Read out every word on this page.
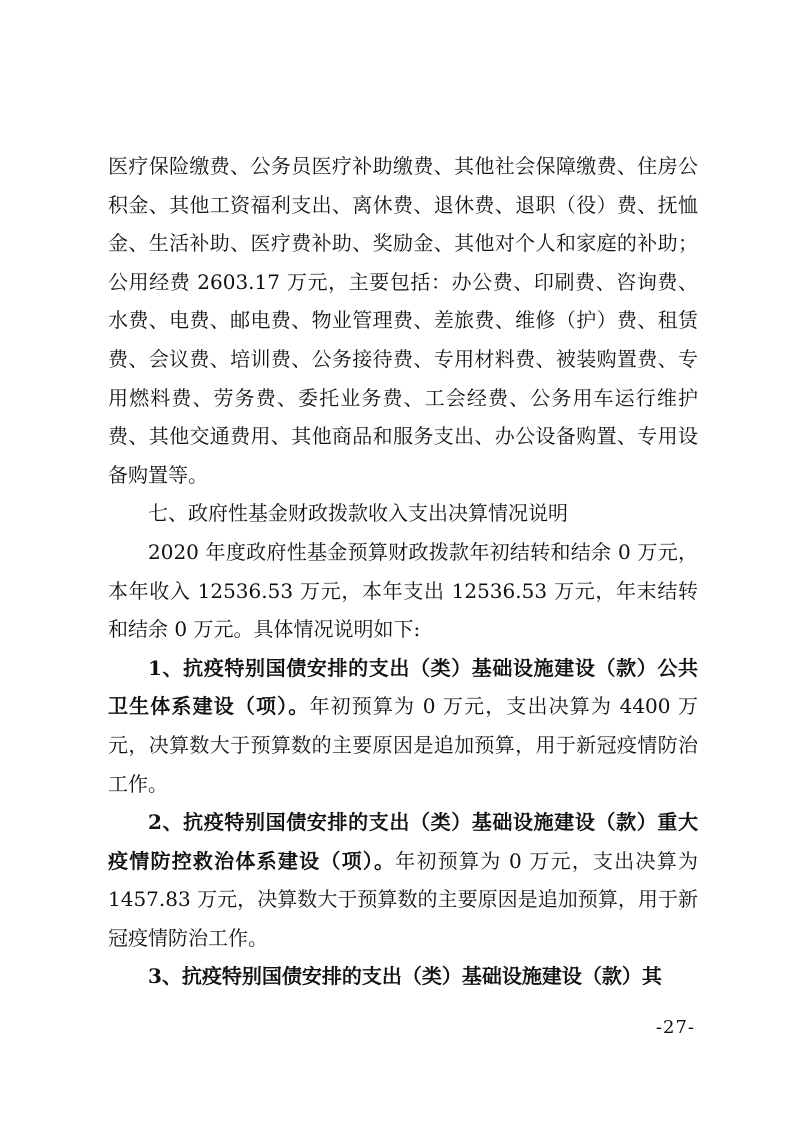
医疗保险缴费、公务员医疗补助缴费、其他社会保障缴费、住房公积金、其他工资福利支出、离休费、退休费、退职（役）费、抚恤金、生活补助、医疗费补助、奖励金、其他对个人和家庭的补助；公用经费 2603.17 万元，主要包括：办公费、印刷费、咨询费、水费、电费、邮电费、物业管理费、差旅费、维修（护）费、租赁费、会议费、培训费、公务接待费、专用材料费、被装购置费、专用燃料费、劳务费、委托业务费、工会经费、公务用车运行维护费、其他交通费用、其他商品和服务支出、办公设备购置、专用设备购置等。

七、政府性基金财政拨款收入支出决算情况说明

2020 年度政府性基金预算财政拨款年初结转和结余 0 万元，本年收入 12536.53 万元，本年支出 12536.53 万元，年末结转和结余 0 万元。具体情况说明如下:

1、抗疫特别国债安排的支出（类）基础设施建设（款）公共卫生体系建设（项）。年初预算为 0 万元，支出决算为 4400 万元，决算数大于预算数的主要原因是追加预算，用于新冠疫情防治工作。

2、抗疫特别国债安排的支出（类）基础设施建设（款）重大疫情防控救治体系建设（项）。年初预算为 0 万元，支出决算为 1457.83 万元，决算数大于预算数的主要原因是追加预算，用于新冠疫情防治工作。

3、抗疫特别国债安排的支出（类）基础设施建设（款）其

-27-
